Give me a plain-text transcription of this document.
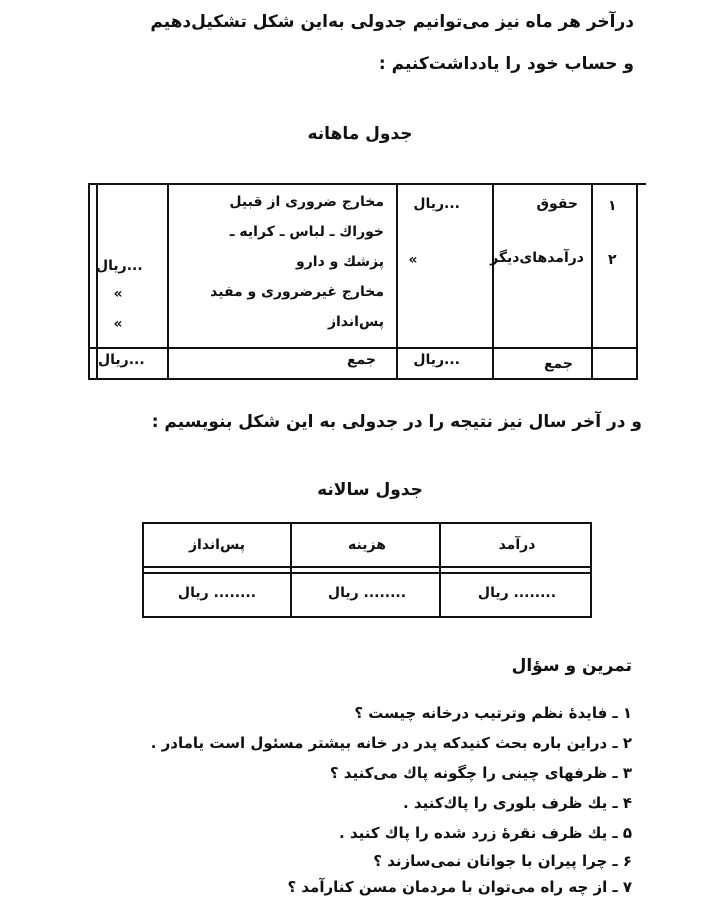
درآخر هر ماه نیز می‌توانیم جدولی به‌این شکل تشکیل‌دهیم
و حساب خود را یادداشت‌کنیم :
جدول ماهانه
۱
حقوق
...ریال
۲
درآمدهای‌دیگر
»
مخارج ضروری از قبیل
خوراك ـ لباس ـ كرايه ـ
پزشك و دارو
مخارج غیرضروری و مفید
پس‌انداز
...ریال
»
»
جمع
...ریال
جمع
...ریال
و در آخر سال نیز نتیجه را در جدولی به این شکل بنویسیم :
جدول سالانه
درآمد
هزینه
پس‌انداز
........ ریال
........ ریال
........ ریال
تمرین و سؤال
۱ ـ فایدۀ نظم وترتیب درخانه چیست ؟
۲ ـ دراین باره بحث کنیدکه پدر در خانه بیشتر مسئول است یامادر .
۳ ـ ظرفهای چینی را چگونه پاك می‌کنید ؟
۴ ـ يك ظرف بلوری را پاك‌كنيد .
۵ ـ يك ظرف نقرۀ زرد شده را پاك كنيد .
۶ ـ چرا پیران با جوانان نمی‌سازند ؟
۷ ـ از چه راه می‌توان با مردمان مسن کنارآمد ؟
